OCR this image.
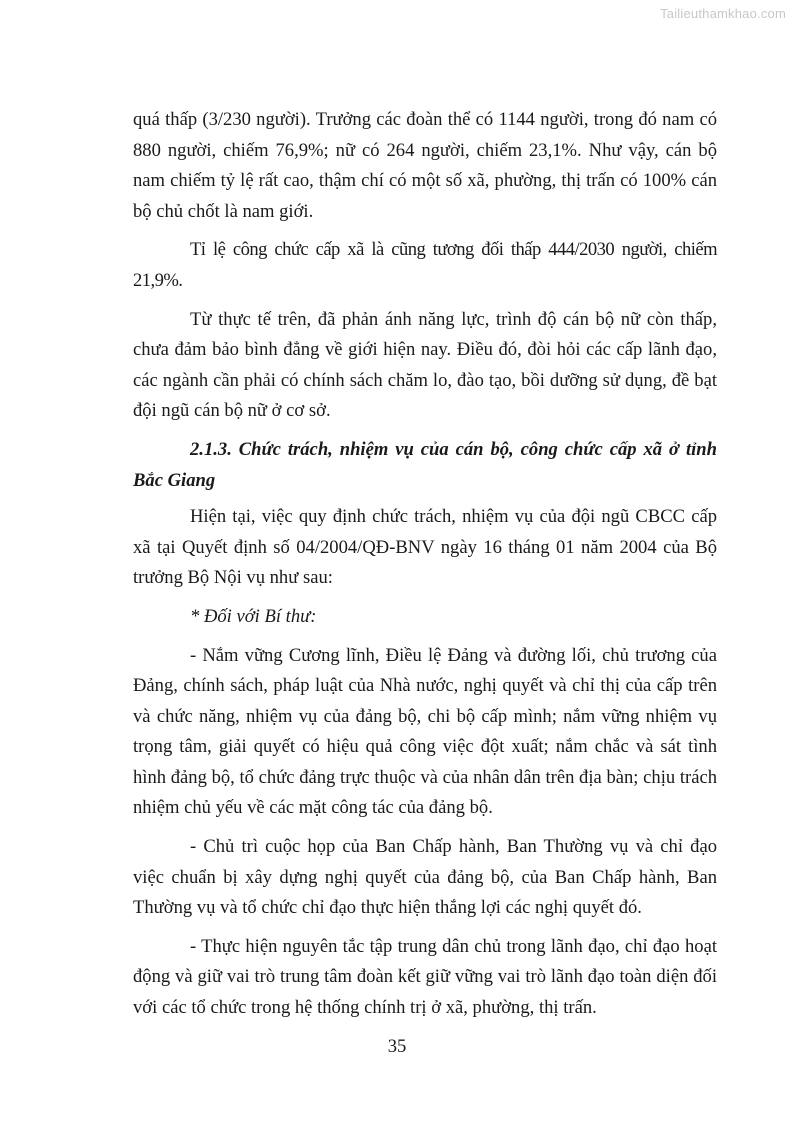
Tailieuthamkhao.com

quá thấp (3/230 người). Trưởng các đoàn thể có 1144 người, trong đó nam có 880 người, chiếm 76,9%; nữ có 264 người, chiếm 23,1%. Như vậy, cán bộ nam chiếm tỷ lệ rất cao, thậm chí có một số xã, phường, thị trấn có 100% cán bộ chủ chốt là nam giới.

Tỉ lệ công chức cấp xã là cũng tương đối thấp 444/2030 người, chiếm 21,9%.

Từ thực tế trên, đã phản ánh năng lực, trình độ cán bộ nữ còn thấp, chưa đảm bảo bình đẳng về giới hiện nay. Điều đó, đòi hỏi các cấp lãnh đạo, các ngành cần phải có chính sách chăm lo, đào tạo, bồi dưỡng sử dụng, đề bạt đội ngũ cán bộ nữ ở cơ sở.

2.1.3. Chức trách, nhiệm vụ của cán bộ, công chức cấp xã ở tỉnh Bắc Giang

Hiện tại, việc quy định chức trách, nhiệm vụ của đội ngũ CBCC cấp xã tại Quyết định số 04/2004/QĐ-BNV ngày 16 tháng 01 năm 2004 của Bộ trưởng Bộ Nội vụ như sau:

* Đối với Bí thư:

- Nắm vững Cương lĩnh, Điều lệ Đảng và đường lối, chủ trương của Đảng, chính sách, pháp luật của Nhà nước, nghị quyết và chỉ thị của cấp trên và chức năng, nhiệm vụ của đảng bộ, chi bộ cấp mình; nắm vững nhiệm vụ trọng tâm, giải quyết có hiệu quả công việc đột xuất; nắm chắc và sát tình hình đảng bộ, tổ chức đảng trực thuộc và của nhân dân trên địa bàn; chịu trách nhiệm chủ yếu về các mặt công tác của đảng bộ.

- Chủ trì cuộc họp của Ban Chấp hành, Ban Thường vụ và chỉ đạo việc chuẩn bị xây dựng nghị quyết của đảng bộ, của Ban Chấp hành, Ban Thường vụ và tổ chức chỉ đạo thực hiện thắng lợi các nghị quyết đó.

- Thực hiện nguyên tắc tập trung dân chủ trong lãnh đạo, chỉ đạo hoạt động và giữ vai trò trung tâm đoàn kết giữ vững vai trò lãnh đạo toàn diện đối với các tổ chức trong hệ thống chính trị ở xã, phường, thị trấn.

35
